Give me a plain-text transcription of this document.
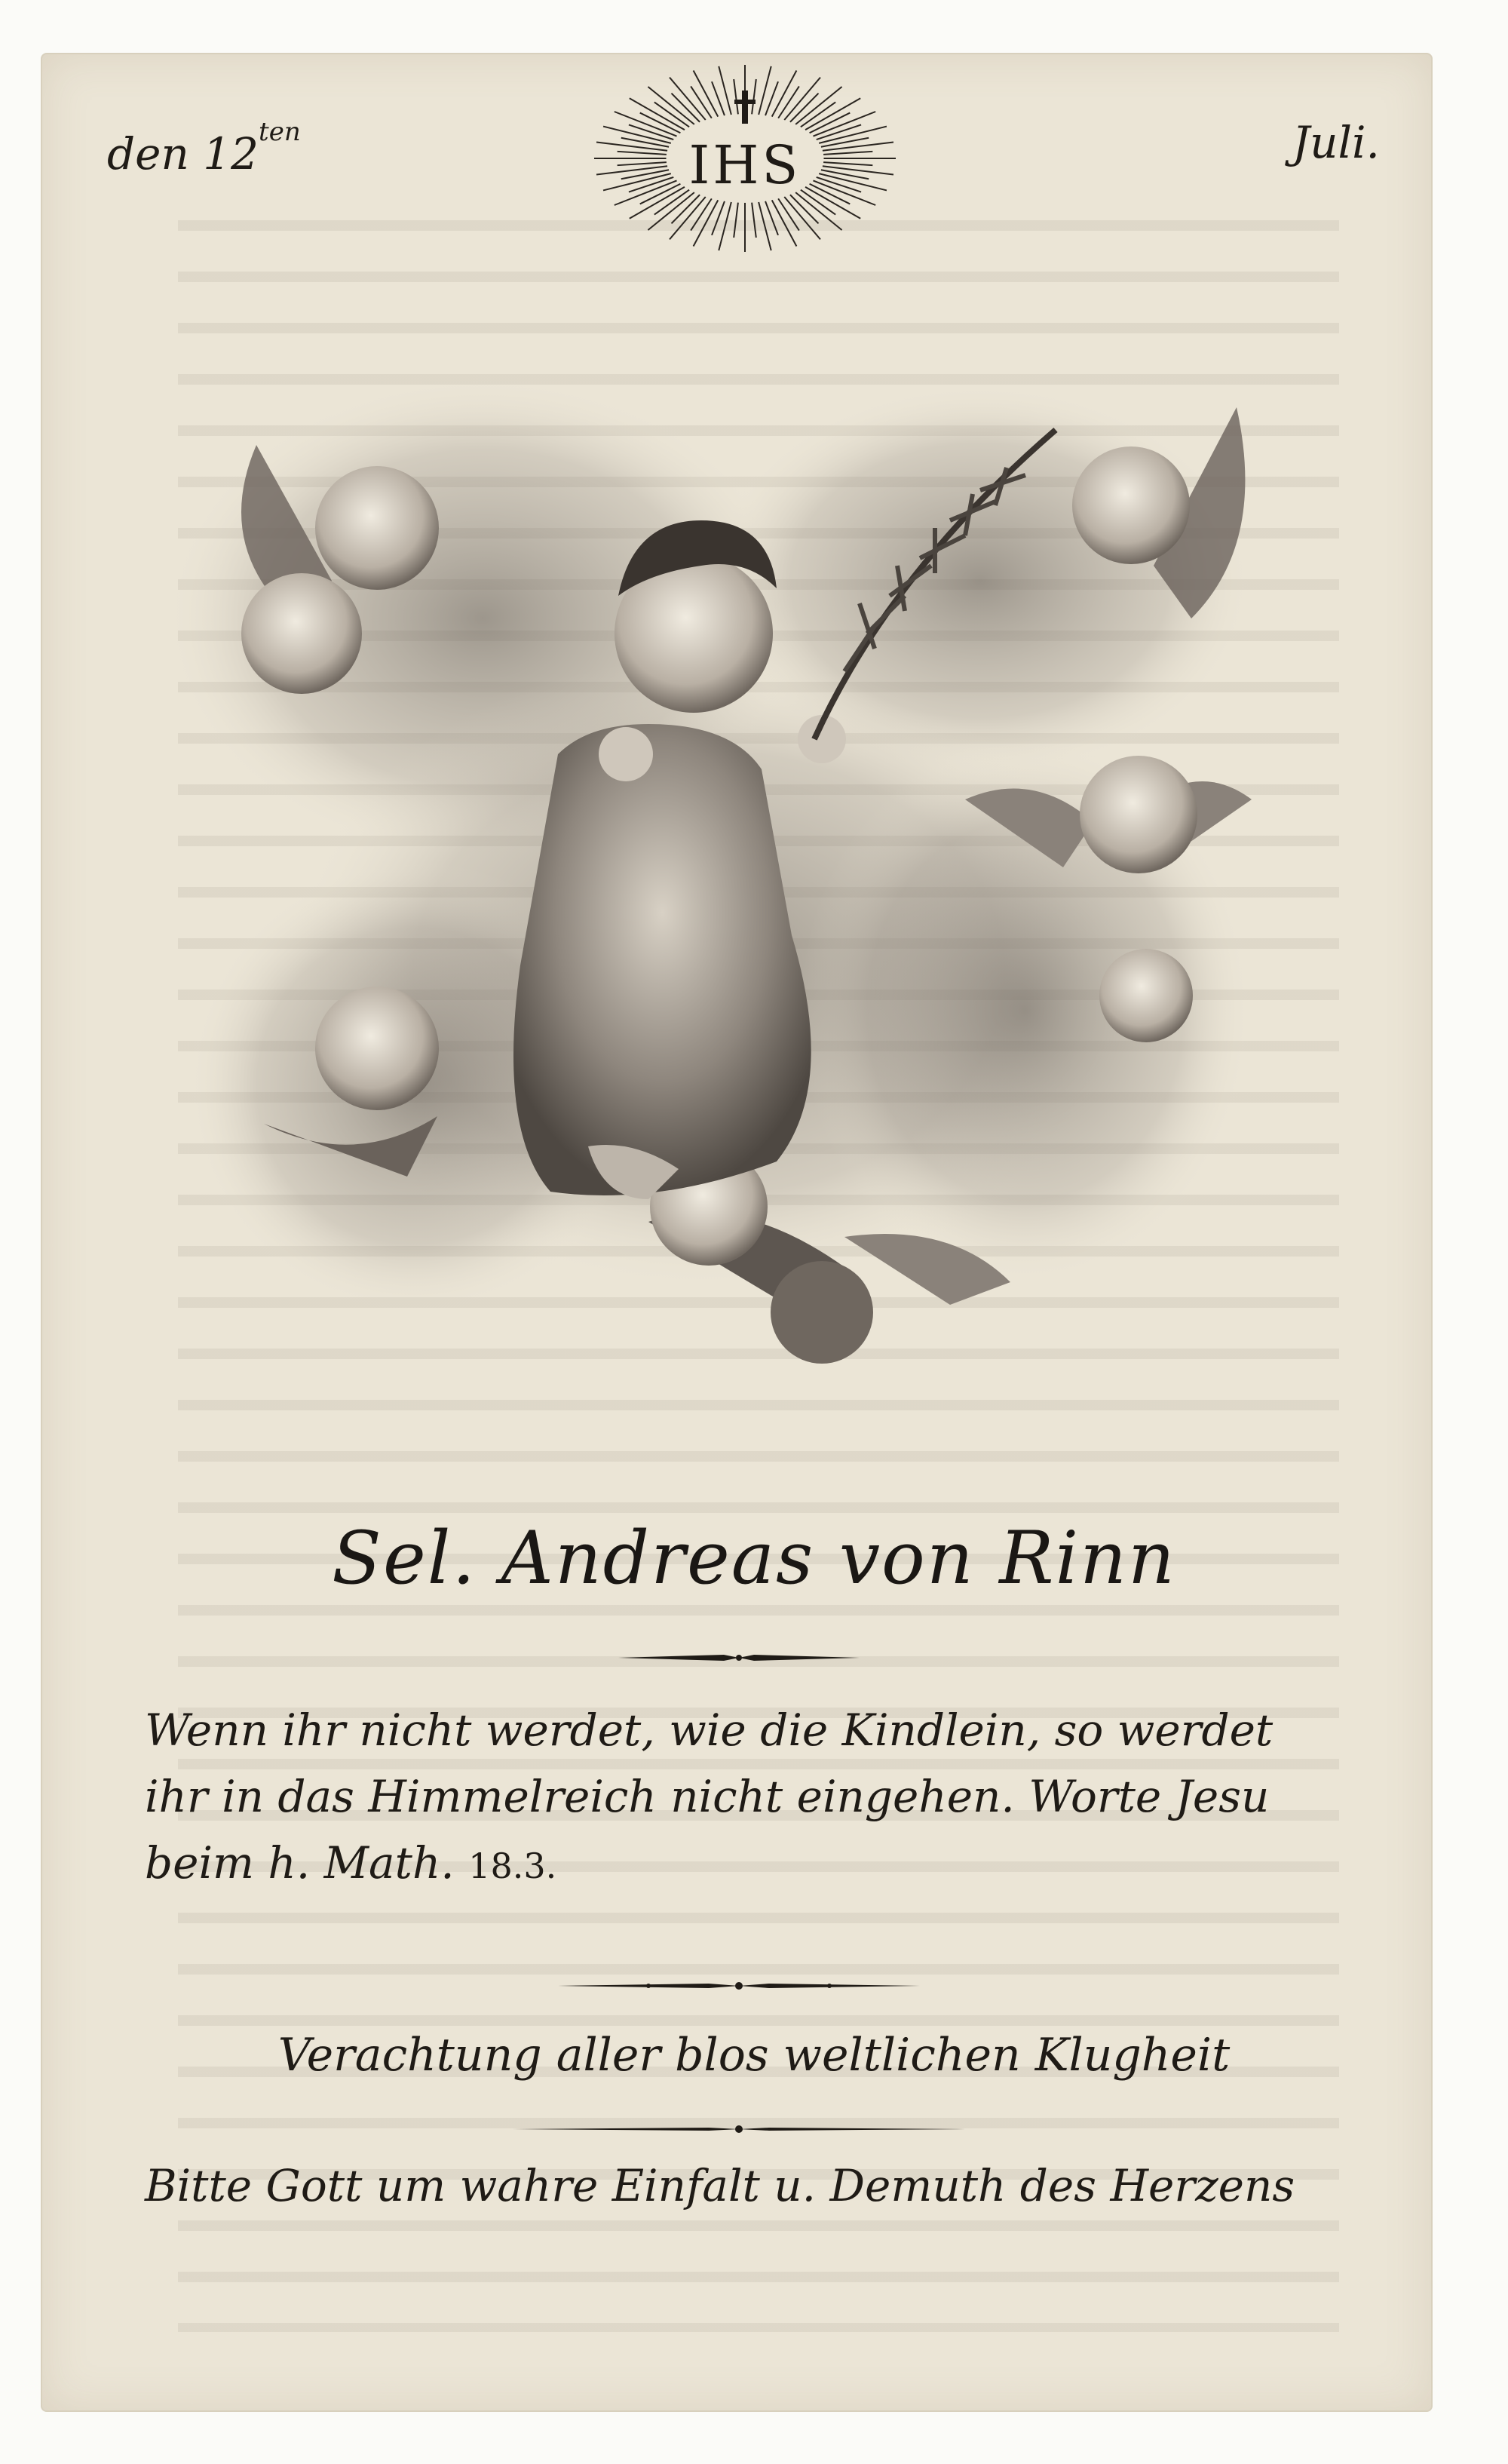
den $12^{ten}$	Juli.
IHS
Sel. Andreas von Rinn
Wenn ihr nicht werdet, wie die Kindlein, so werdet ihr in das Himmelreich nicht eingehen. Worte Jesu beim h. Math. 18.3.
Verachtung aller blos weltlichen Klugheit
Bitte Gott um wahre Einfalt u. Demuth des Herzens
